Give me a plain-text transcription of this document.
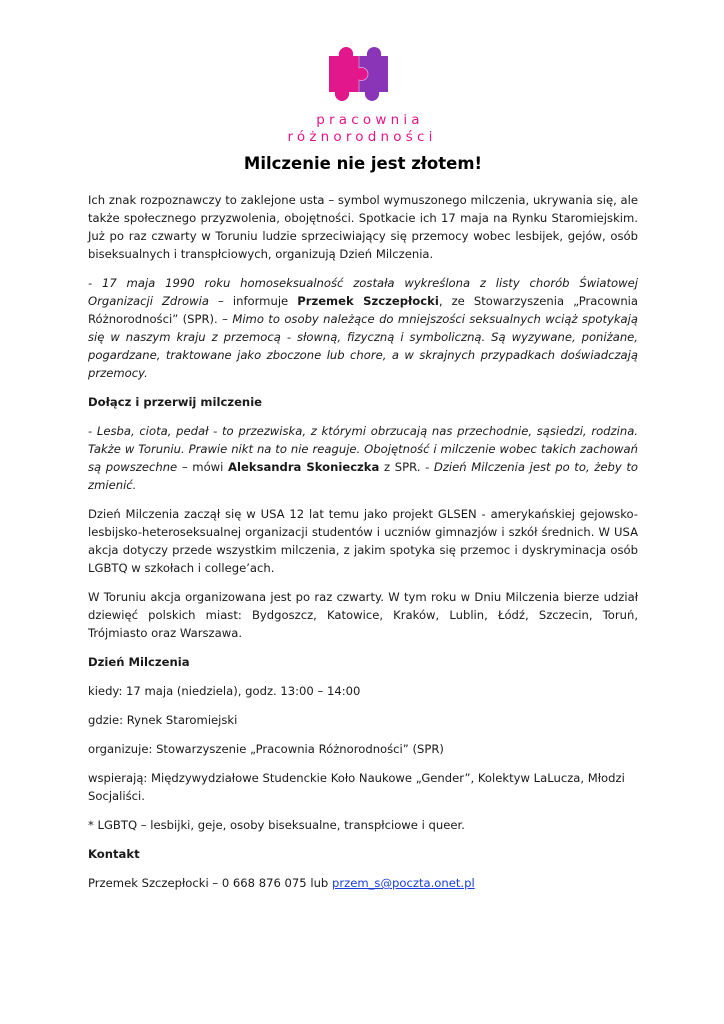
pracownia
różnorodności
Milczenie nie jest złotem!

Ich znak rozpoznawczy to zaklejone usta – symbol wymuszonego milczenia, ukrywania się, ale także społecznego przyzwolenia, obojętności. Spotkacie ich 17 maja na Rynku Staromiejskim. Już po raz czwarty w Toruniu ludzie sprzeciwiający się przemocy wobec lesbijek, gejów, osób biseksualnych i transpłciowych, organizują Dzień Milczenia.

- 17 maja 1990 roku homoseksualność została wykreślona z listy chorób Światowej Organizacji Zdrowia – informuje Przemek Szczepłocki, ze Stowarzyszenia „Pracownia Różnorodności” (SPR). – Mimo to osoby należące do mniejszości seksualnych wciąż spotykają się w naszym kraju z przemocą - słowną, fizyczną i symboliczną. Są wyzywane, poniżane, pogardzane, traktowane jako zboczone lub chore, a w skrajnych przypadkach doświadczają przemocy.

Dołącz i przerwij milczenie

- Lesba, ciota, pedał - to przezwiska, z którymi obrzucają nas przechodnie, sąsiedzi, rodzina. Także w Toruniu. Prawie nikt na to nie reaguje. Obojętność i milczenie wobec takich zachowań są powszechne – mówi Aleksandra Skonieczka z SPR. - Dzień Milczenia jest po to, żeby to zmienić.

Dzień Milczenia zaczął się w USA 12 lat temu jako projekt GLSEN - amerykańskiej gejowsko-lesbijsko-heteroseksualnej organizacji studentów i uczniów gimnazjów i szkół średnich. W USA akcja dotyczy przede wszystkim milczenia, z jakim spotyka się przemoc i dyskryminacja osób LGBTQ w szkołach i college’ach.

W Toruniu akcja organizowana jest po raz czwarty. W tym roku w Dniu Milczenia bierze udział dziewięć polskich miast: Bydgoszcz, Katowice, Kraków, Lublin, Łódź, Szczecin, Toruń, Trójmiasto oraz Warszawa.

Dzień Milczenia

kiedy: 17 maja (niedziela), godz. 13:00 – 14:00

gdzie: Rynek Staromiejski

organizuje: Stowarzyszenie „Pracownia Różnorodności” (SPR)

wspierają: Międzywydziałowe Studenckie Koło Naukowe „Gender”, Kolektyw LaLucza, Młodzi Socjaliści.

* LGBTQ – lesbijki, geje, osoby biseksualne, transpłciowe i queer.

Kontakt

Przemek Szczepłocki – 0 668 876 075 lub przem_s@poczta.onet.pl
